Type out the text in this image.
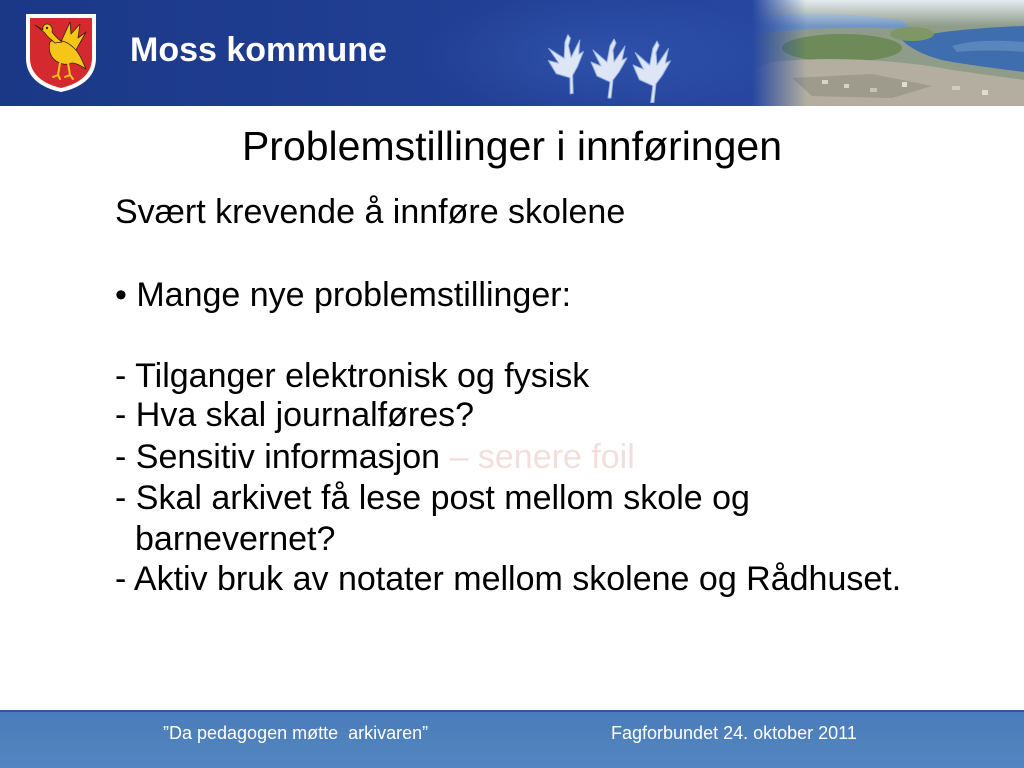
Moss kommune
Problemstillinger i innføringen
Svært krevende å innføre skolene
• Mange nye problemstillinger:
- Tilganger elektronisk og fysisk
- Hva skal journalføres?
- Sensitiv informasjon – senere foil
- Skal arkivet få lese post mellom skole og
barnevernet?
- Aktiv bruk av notater mellom skolene og Rådhuset.
”Da pedagogen møtte  arkivaren”	Fagforbundet 24. oktober 2011
